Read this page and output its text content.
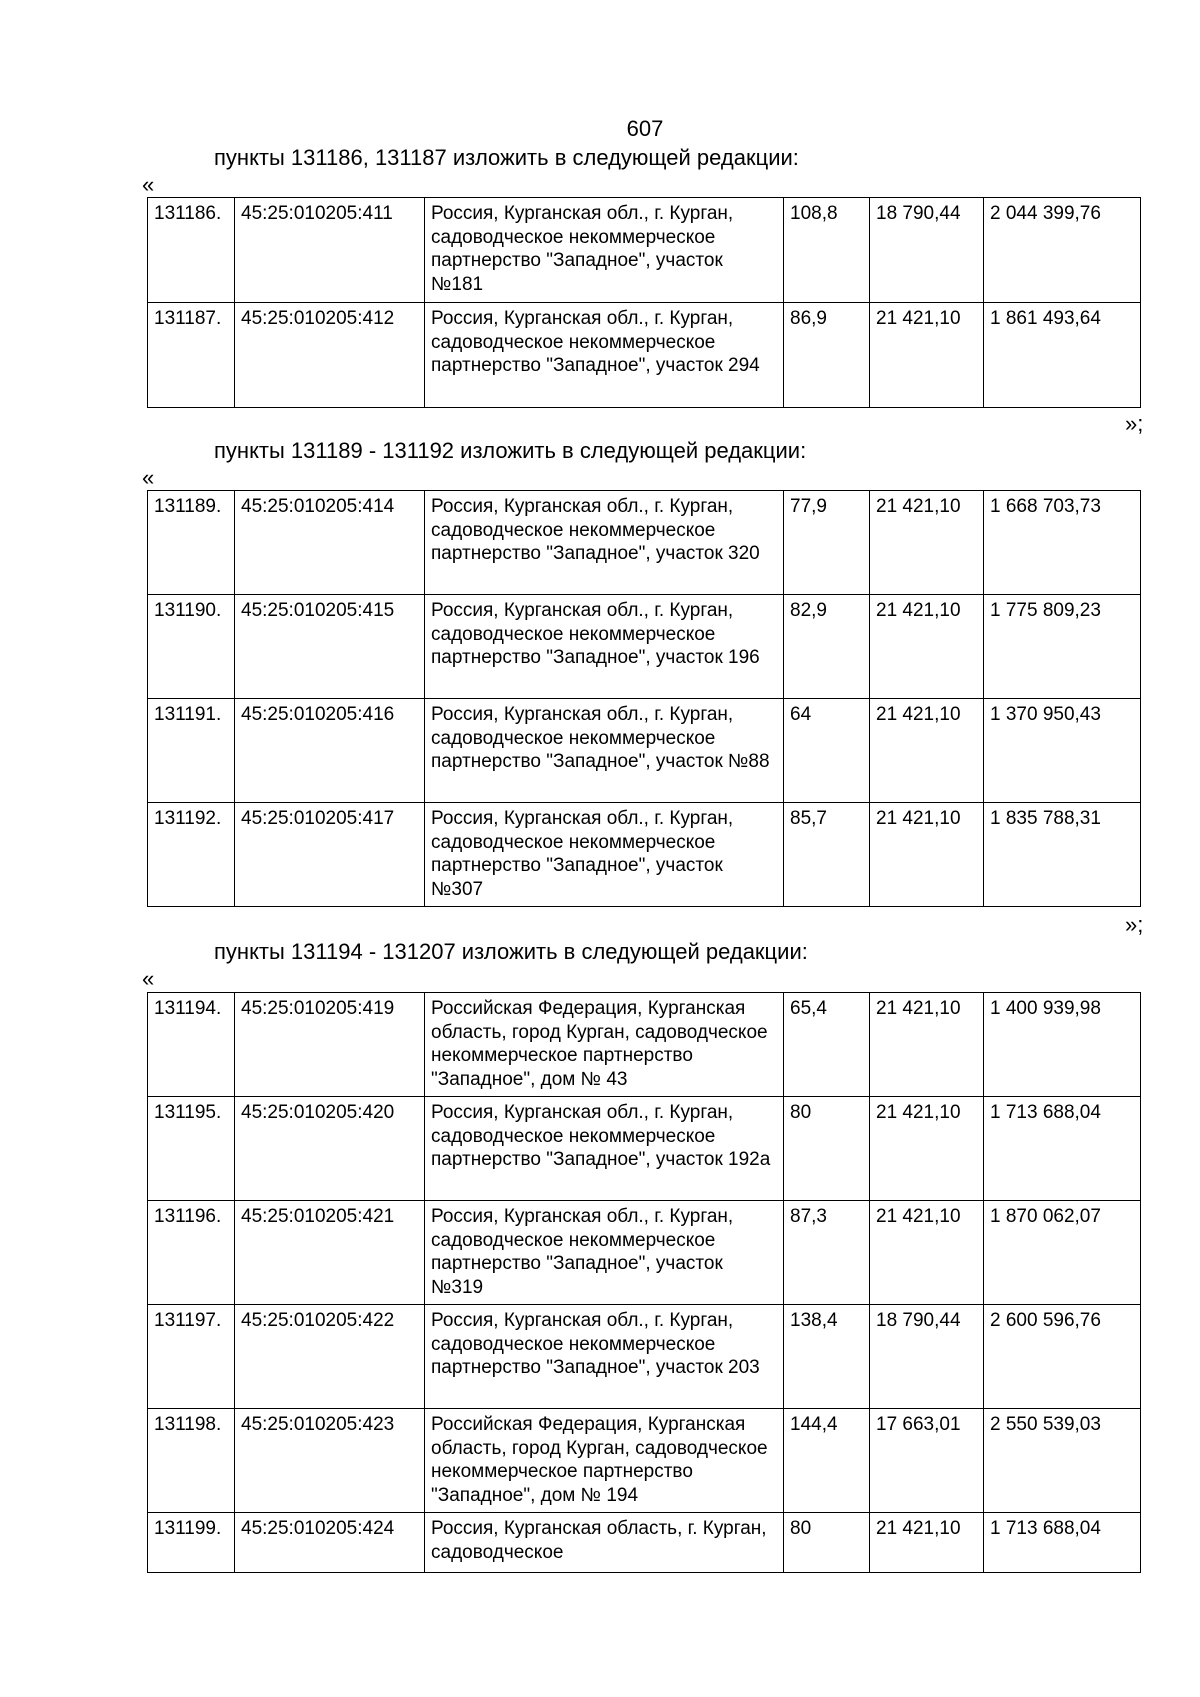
607
пункты 131186, 131187 изложить в следующей редакции:
«
131186.	45:25:010205:411	Россия, Курганская обл., г. Курган, садоводческое некоммерческое партнерство "Западное", участок №181	108,8	18 790,44	2 044 399,76
131187.	45:25:010205:412	Россия, Курганская обл., г. Курган, садоводческое некоммерческое партнерство "Западное", участок 294	86,9	21 421,10	1 861 493,64
»;
пункты 131189 - 131192 изложить в следующей редакции:
«
131189.	45:25:010205:414	Россия, Курганская обл., г. Курган, садоводческое некоммерческое партнерство "Западное", участок 320	77,9	21 421,10	1 668 703,73
131190.	45:25:010205:415	Россия, Курганская обл., г. Курган, садоводческое некоммерческое партнерство "Западное", участок 196	82,9	21 421,10	1 775 809,23
131191.	45:25:010205:416	Россия, Курганская обл., г. Курган, садоводческое некоммерческое партнерство "Западное", участок №88	64	21 421,10	1 370 950,43
131192.	45:25:010205:417	Россия, Курганская обл., г. Курган, садоводческое некоммерческое партнерство "Западное", участок №307	85,7	21 421,10	1 835 788,31
»;
пункты 131194 - 131207 изложить в следующей редакции:
«
131194.	45:25:010205:419	Российская Федерация, Курганская область, город Курган, садоводческое некоммерческое партнерство "Западное", дом № 43	65,4	21 421,10	1 400 939,98
131195.	45:25:010205:420	Россия, Курганская обл., г. Курган, садоводческое некоммерческое партнерство "Западное", участок 192а	80	21 421,10	1 713 688,04
131196.	45:25:010205:421	Россия, Курганская обл., г. Курган, садоводческое некоммерческое партнерство "Западное", участок №319	87,3	21 421,10	1 870 062,07
131197.	45:25:010205:422	Россия, Курганская обл., г. Курган, садоводческое некоммерческое партнерство "Западное", участок 203	138,4	18 790,44	2 600 596,76
131198.	45:25:010205:423	Российская Федерация, Курганская область, город Курган, садоводческое некоммерческое партнерство "Западное", дом № 194	144,4	17 663,01	2 550 539,03
131199.	45:25:010205:424	Россия, Курганская область, г. Курган, садоводческое	80	21 421,10	1 713 688,04
